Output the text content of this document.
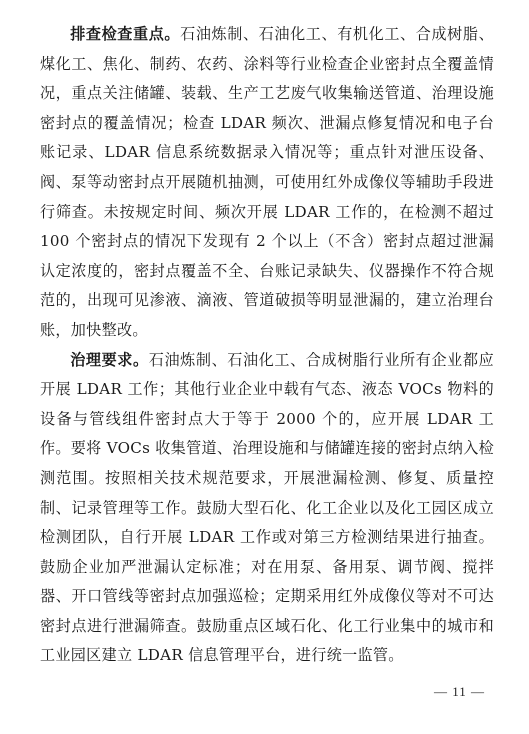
排查检查重点。石油炼制、石油化工、有机化工、合成树脂、煤化工、焦化、制药、农药、涂料等行业检查企业密封点全覆盖情况，重点关注储罐、装载、生产工艺废气收集输送管道、治理设施密封点的覆盖情况；检查 LDAR 频次、泄漏点修复情况和电子台账记录、LDAR 信息系统数据录入情况等；重点针对泄压设备、阀、泵等动密封点开展随机抽测，可使用红外成像仪等辅助手段进行筛查。未按规定时间、频次开展 LDAR 工作的，在检测不超过 100 个密封点的情况下发现有 2 个以上（不含）密封点超过泄漏认定浓度的，密封点覆盖不全、台账记录缺失、仪器操作不符合规范的，出现可见渗液、滴液、管道破损等明显泄漏的，建立治理台账，加快整改。

治理要求。石油炼制、石油化工、合成树脂行业所有企业都应开展 LDAR 工作；其他行业企业中载有气态、液态 VOCs 物料的设备与管线组件密封点大于等于 2000 个的，应开展 LDAR 工作。要将 VOCs 收集管道、治理设施和与储罐连接的密封点纳入检测范围。按照相关技术规范要求，开展泄漏检测、修复、质量控制、记录管理等工作。鼓励大型石化、化工企业以及化工园区成立检测团队，自行开展 LDAR 工作或对第三方检测结果进行抽查。鼓励企业加严泄漏认定标准；对在用泵、备用泵、调节阀、搅拌器、开口管线等密封点加强巡检；定期采用红外成像仪等对不可达密封点进行泄漏筛查。鼓励重点区域石化、化工行业集中的城市和工业园区建立 LDAR 信息管理平台，进行统一监管。

— 11 —
